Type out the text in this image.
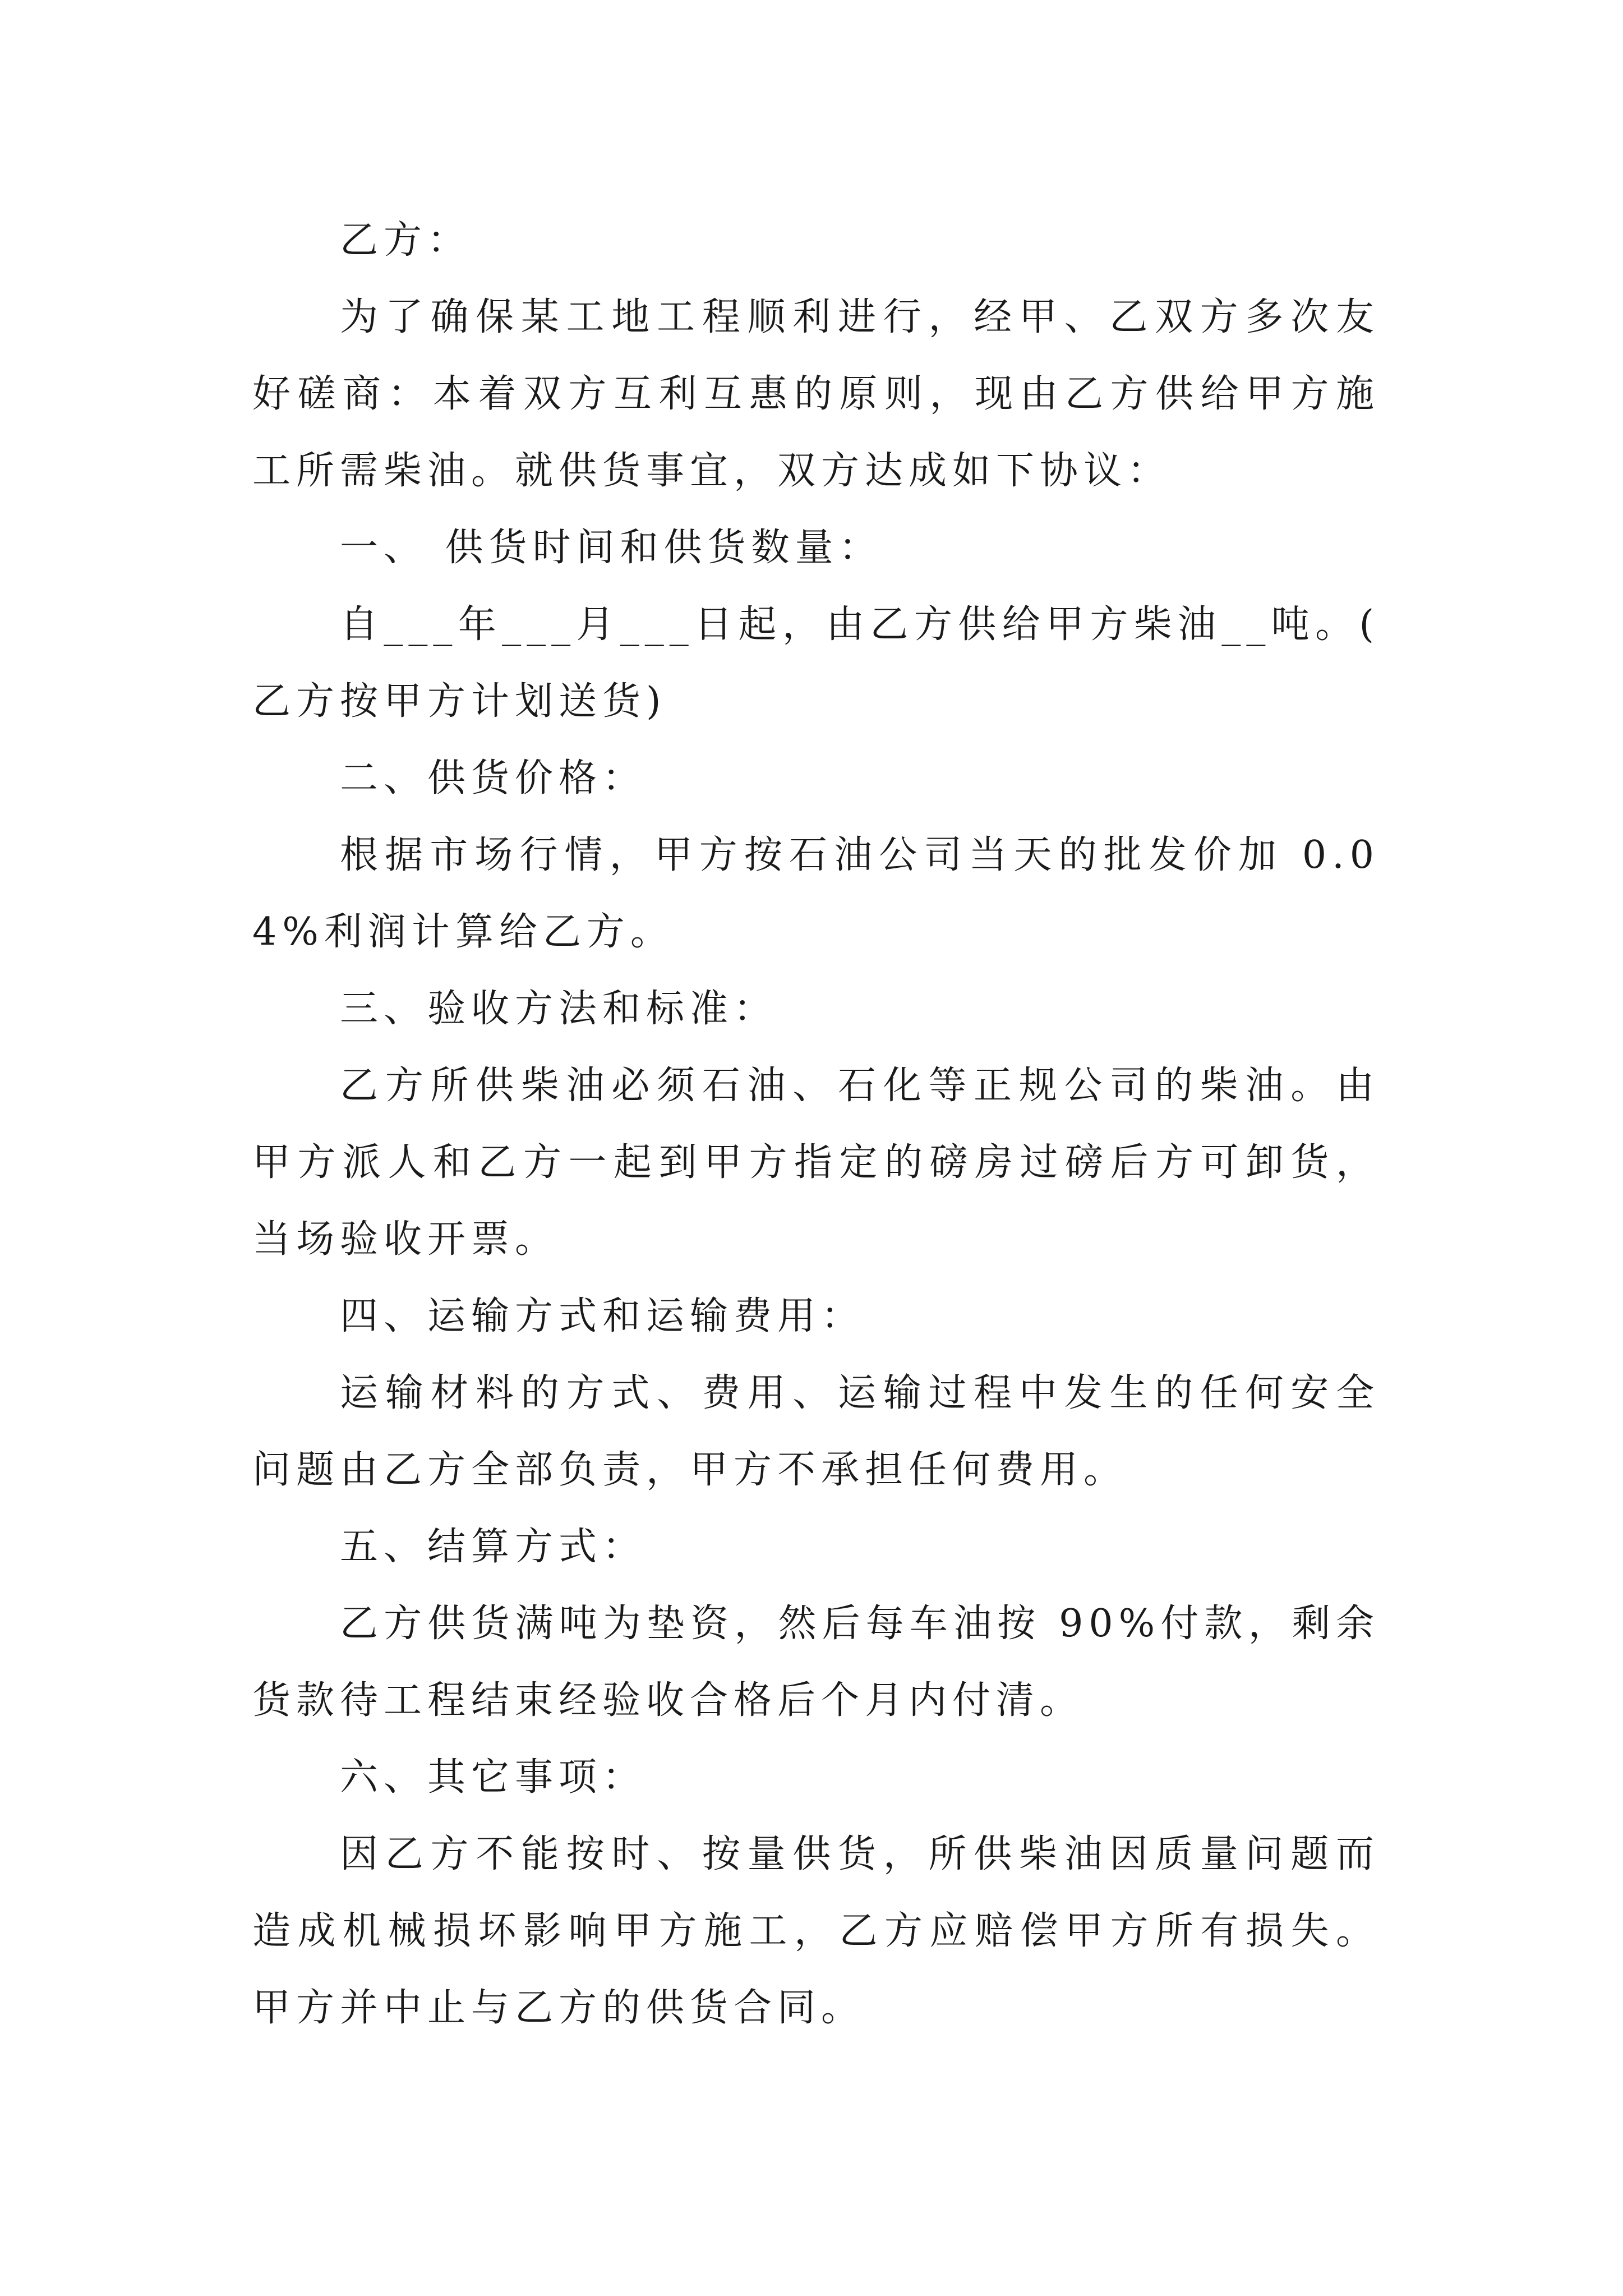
乙方：

为了确保某工地工程顺利进行，经甲、乙双方多次友好磋商：本着双方互利互惠的原则，现由乙方供给甲方施工所需柴油。就供货事宜，双方达成如下协议：

一、 供货时间和供货数量：

自___年___月___日起，由乙方供给甲方柴油__吨。(乙方按甲方计划送货)

二、供货价格：

根据市场行情，甲方按石油公司当天的批发价加 0.04%利润计算给乙方。

三、验收方法和标准：

乙方所供柴油必须石油、石化等正规公司的柴油。由甲方派人和乙方一起到甲方指定的磅房过磅后方可卸货，当场验收开票。

四、运输方式和运输费用：

运输材料的方式、费用、运输过程中发生的任何安全问题由乙方全部负责，甲方不承担任何费用。

五、结算方式：

乙方供货满吨为垫资，然后每车油按 90%付款，剩余货款待工程结束经验收合格后个月内付清。

六、其它事项：

因乙方不能按时、按量供货，所供柴油因质量问题而造成机械损坏影响甲方施工，乙方应赔偿甲方所有损失。甲方并中止与乙方的供货合同。
